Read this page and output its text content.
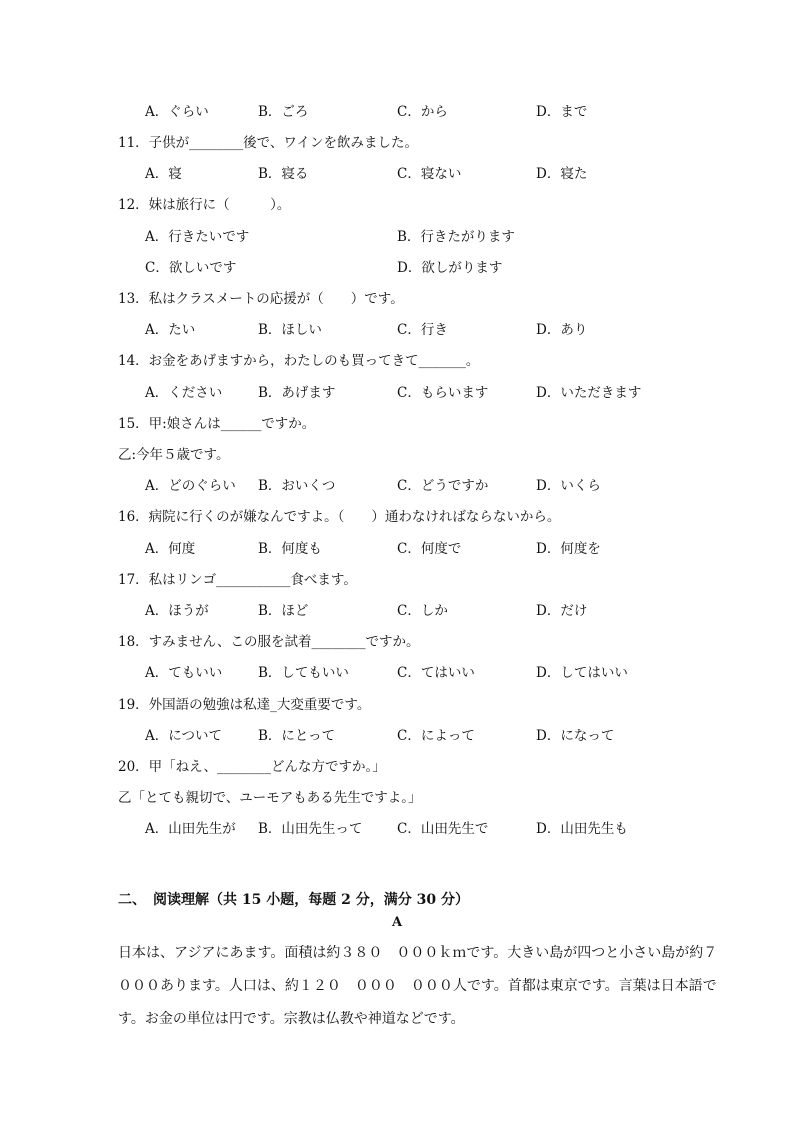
A．ぐらい	B．ごろ	C．から	D．まで
11．子供が________後で、ワインを飲みました。
A．寝	B．寝る	C．寝ない	D．寝た
12．妹は旅行に（　　　）。
A．行きたいです	B．行きたがります
C．欲しいです	D．欲しがります
13．私はクラスメートの応援が（　　）です。
A．たい	B．ほしい	C．行き	D．あり
14．お金をあげますから，わたしのも買ってきて_______。
A．ください	B．あげます	C．もらいます	D．いただきます
15．甲:娘さんは______ですか。
乙:今年５歳です。
A．どのぐらい B．おいくつ	C．どうですか	D．いくら
16．病院に行くのが嫌なんですよ。（　　）通わなければならないから。
A．何度	B．何度も	C．何度で	D．何度を
17．私はリンゴ___________食べます。
A．ほうが	B．ほど	C．しか	D．だけ
18．すみません、この服を試着________ですか。
A．てもいい	B．してもいい	C．てはいい	D．してはいい
19．外国語の勉強は私達_大変重要です。
A．について	B．にとって	C．によって	D．になって
20．甲「ねえ、________どんな方ですか。」
乙「とても親切で、ユーモアもある先生ですよ。」
A．山田先生が B．山田先生って	C．山田先生で	D．山田先生も
二、　阅读理解（共 15 小题，每题 2 分，满分 30 分）
A
日本は、アジアにあます。面積は約３８０　０００ｋｍです。大きい島が四つと小さい島が約７０００あります。人口は、約１２０　０００　０００人です。首都は東京です。言葉は日本語です。お金の単位は円です。宗教は仏教や神道などです。
